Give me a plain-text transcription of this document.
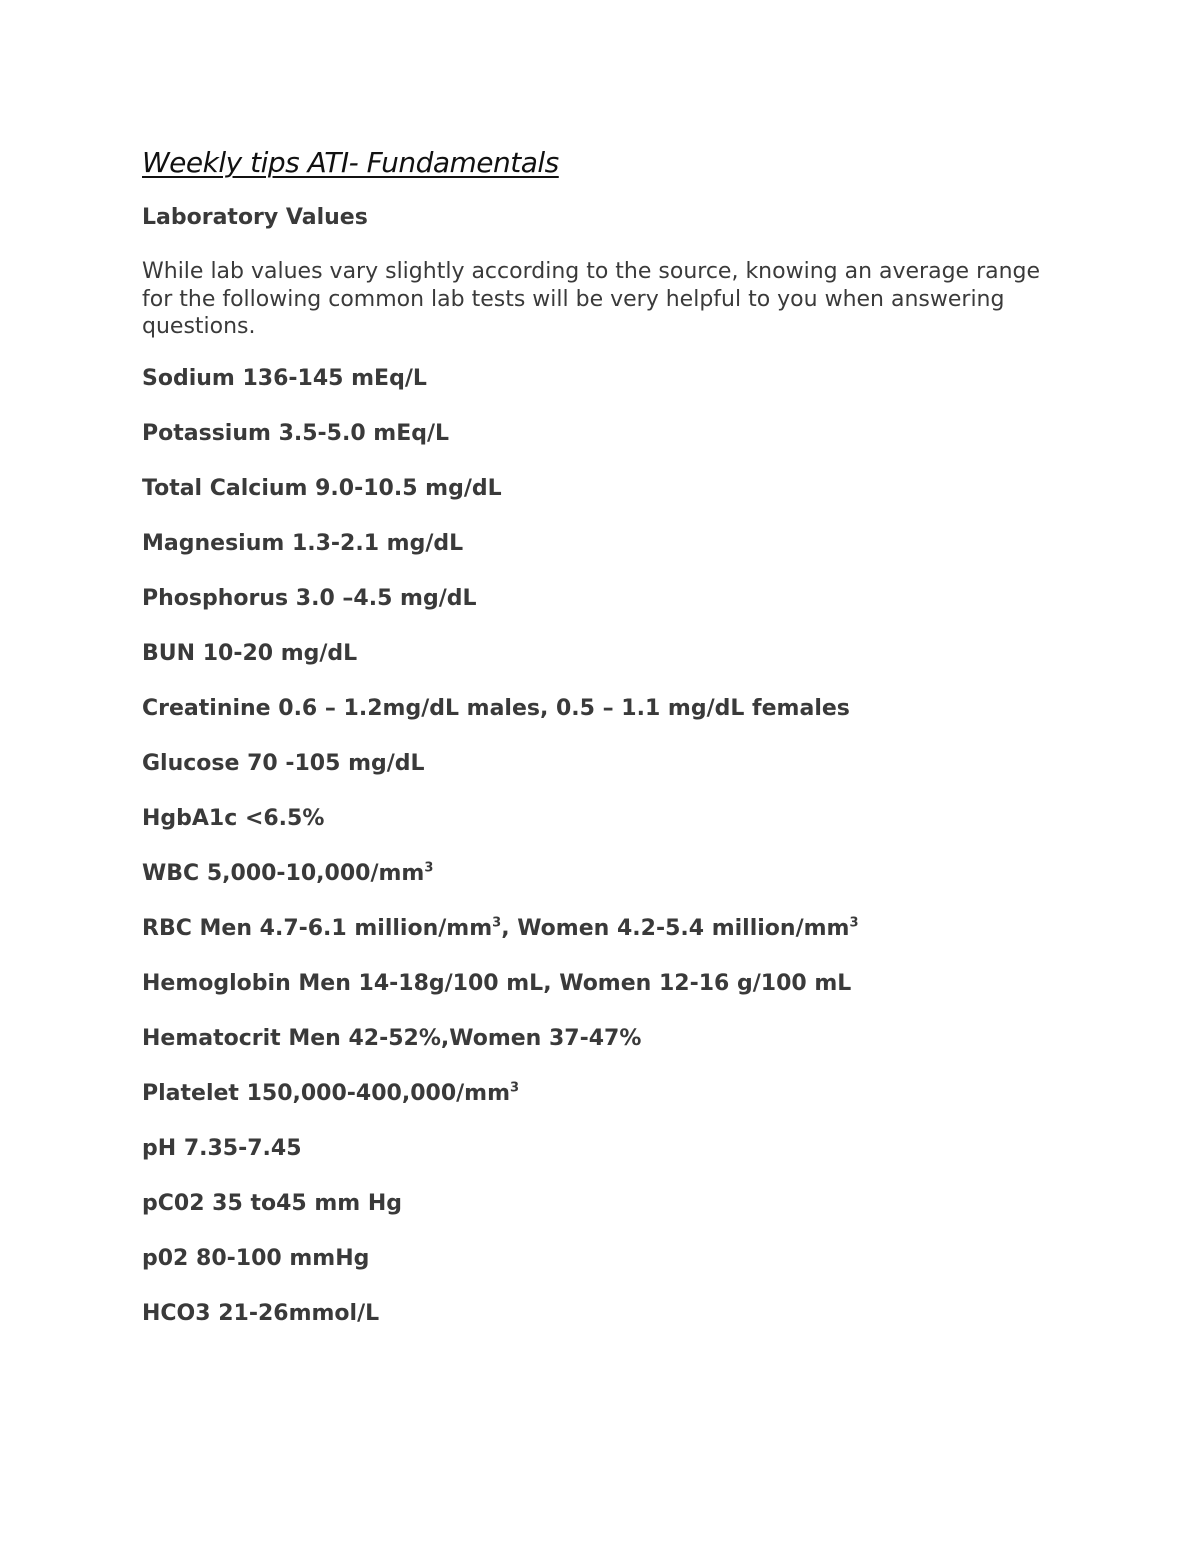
Weekly tips ATI- Fundamentals
Laboratory Values
While lab values vary slightly according to the source, knowing an average range for the following common lab tests will be very helpful to you when answering questions.
Sodium 136-145 mEq/L
Potassium 3.5-5.0 mEq/L
Total Calcium 9.0-10.5 mg/dL
Magnesium 1.3-2.1 mg/dL
Phosphorus 3.0 –4.5 mg/dL
BUN 10-20 mg/dL
Creatinine 0.6 – 1.2mg/dL males, 0.5 – 1.1 mg/dL females
Glucose 70 -105 mg/dL
HgbA1c <6.5%
WBC $5,000-10,000/mm^3$
RBC Men 4.7-6.1 million/$mm^3$, Women 4.2-5.4 million/$mm^3$
Hemoglobin Men 14-18g/100 mL, Women 12-16 g/100 mL
Hematocrit Men 42-52%,Women 37-47%
Platelet $150,000-400,000/mm^3$
pH 7.35-7.45
pC02 35 to45 mm Hg
p02 80-100 mmHg
HCO3 21-26mmol/L
